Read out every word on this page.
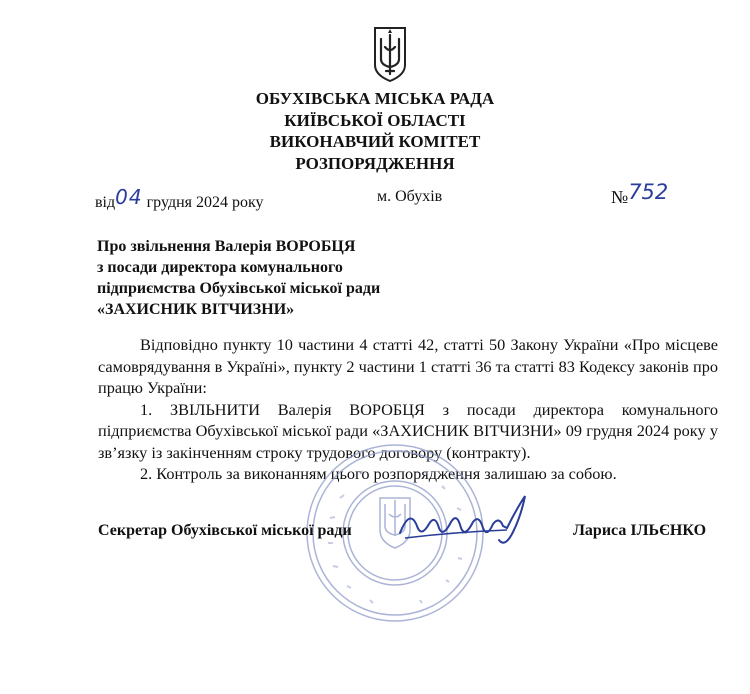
ОБУХІВСЬКА МІСЬКА РАДА
КИЇВСЬКОЇ ОБЛАСТІ
ВИКОНАВЧИЙ КОМІТЕТ
РОЗПОРЯДЖЕННЯ
від04 грудня 2024 року	м. Обухів	№752
Про звільнення Валерія ВОРОБЦЯ
з посади директора комунального
підприємства Обухівської міської ради
«ЗАХИСНИК ВІТЧИЗНИ»

Відповідно пункту 10 частини 4 статті 42, статті 50 Закону України «Про місцеве самоврядування в Україні», пункту 2 частини 1 статті 36 та статті 83 Кодексу законів про працю України:

1. ЗВІЛЬНИТИ Валерія ВОРОБЦЯ з посади директора комунального підприємства Обухівської міської ради «ЗАХИСНИК ВІТЧИЗНИ» 09 грудня 2024 року у зв’язку із закінченням строку трудового договору (контракту).

2. Контроль за виконанням цього розпорядження залишаю за собою.

Секретар Обухівської міської ради	Лариса ІЛЬЄНКО
